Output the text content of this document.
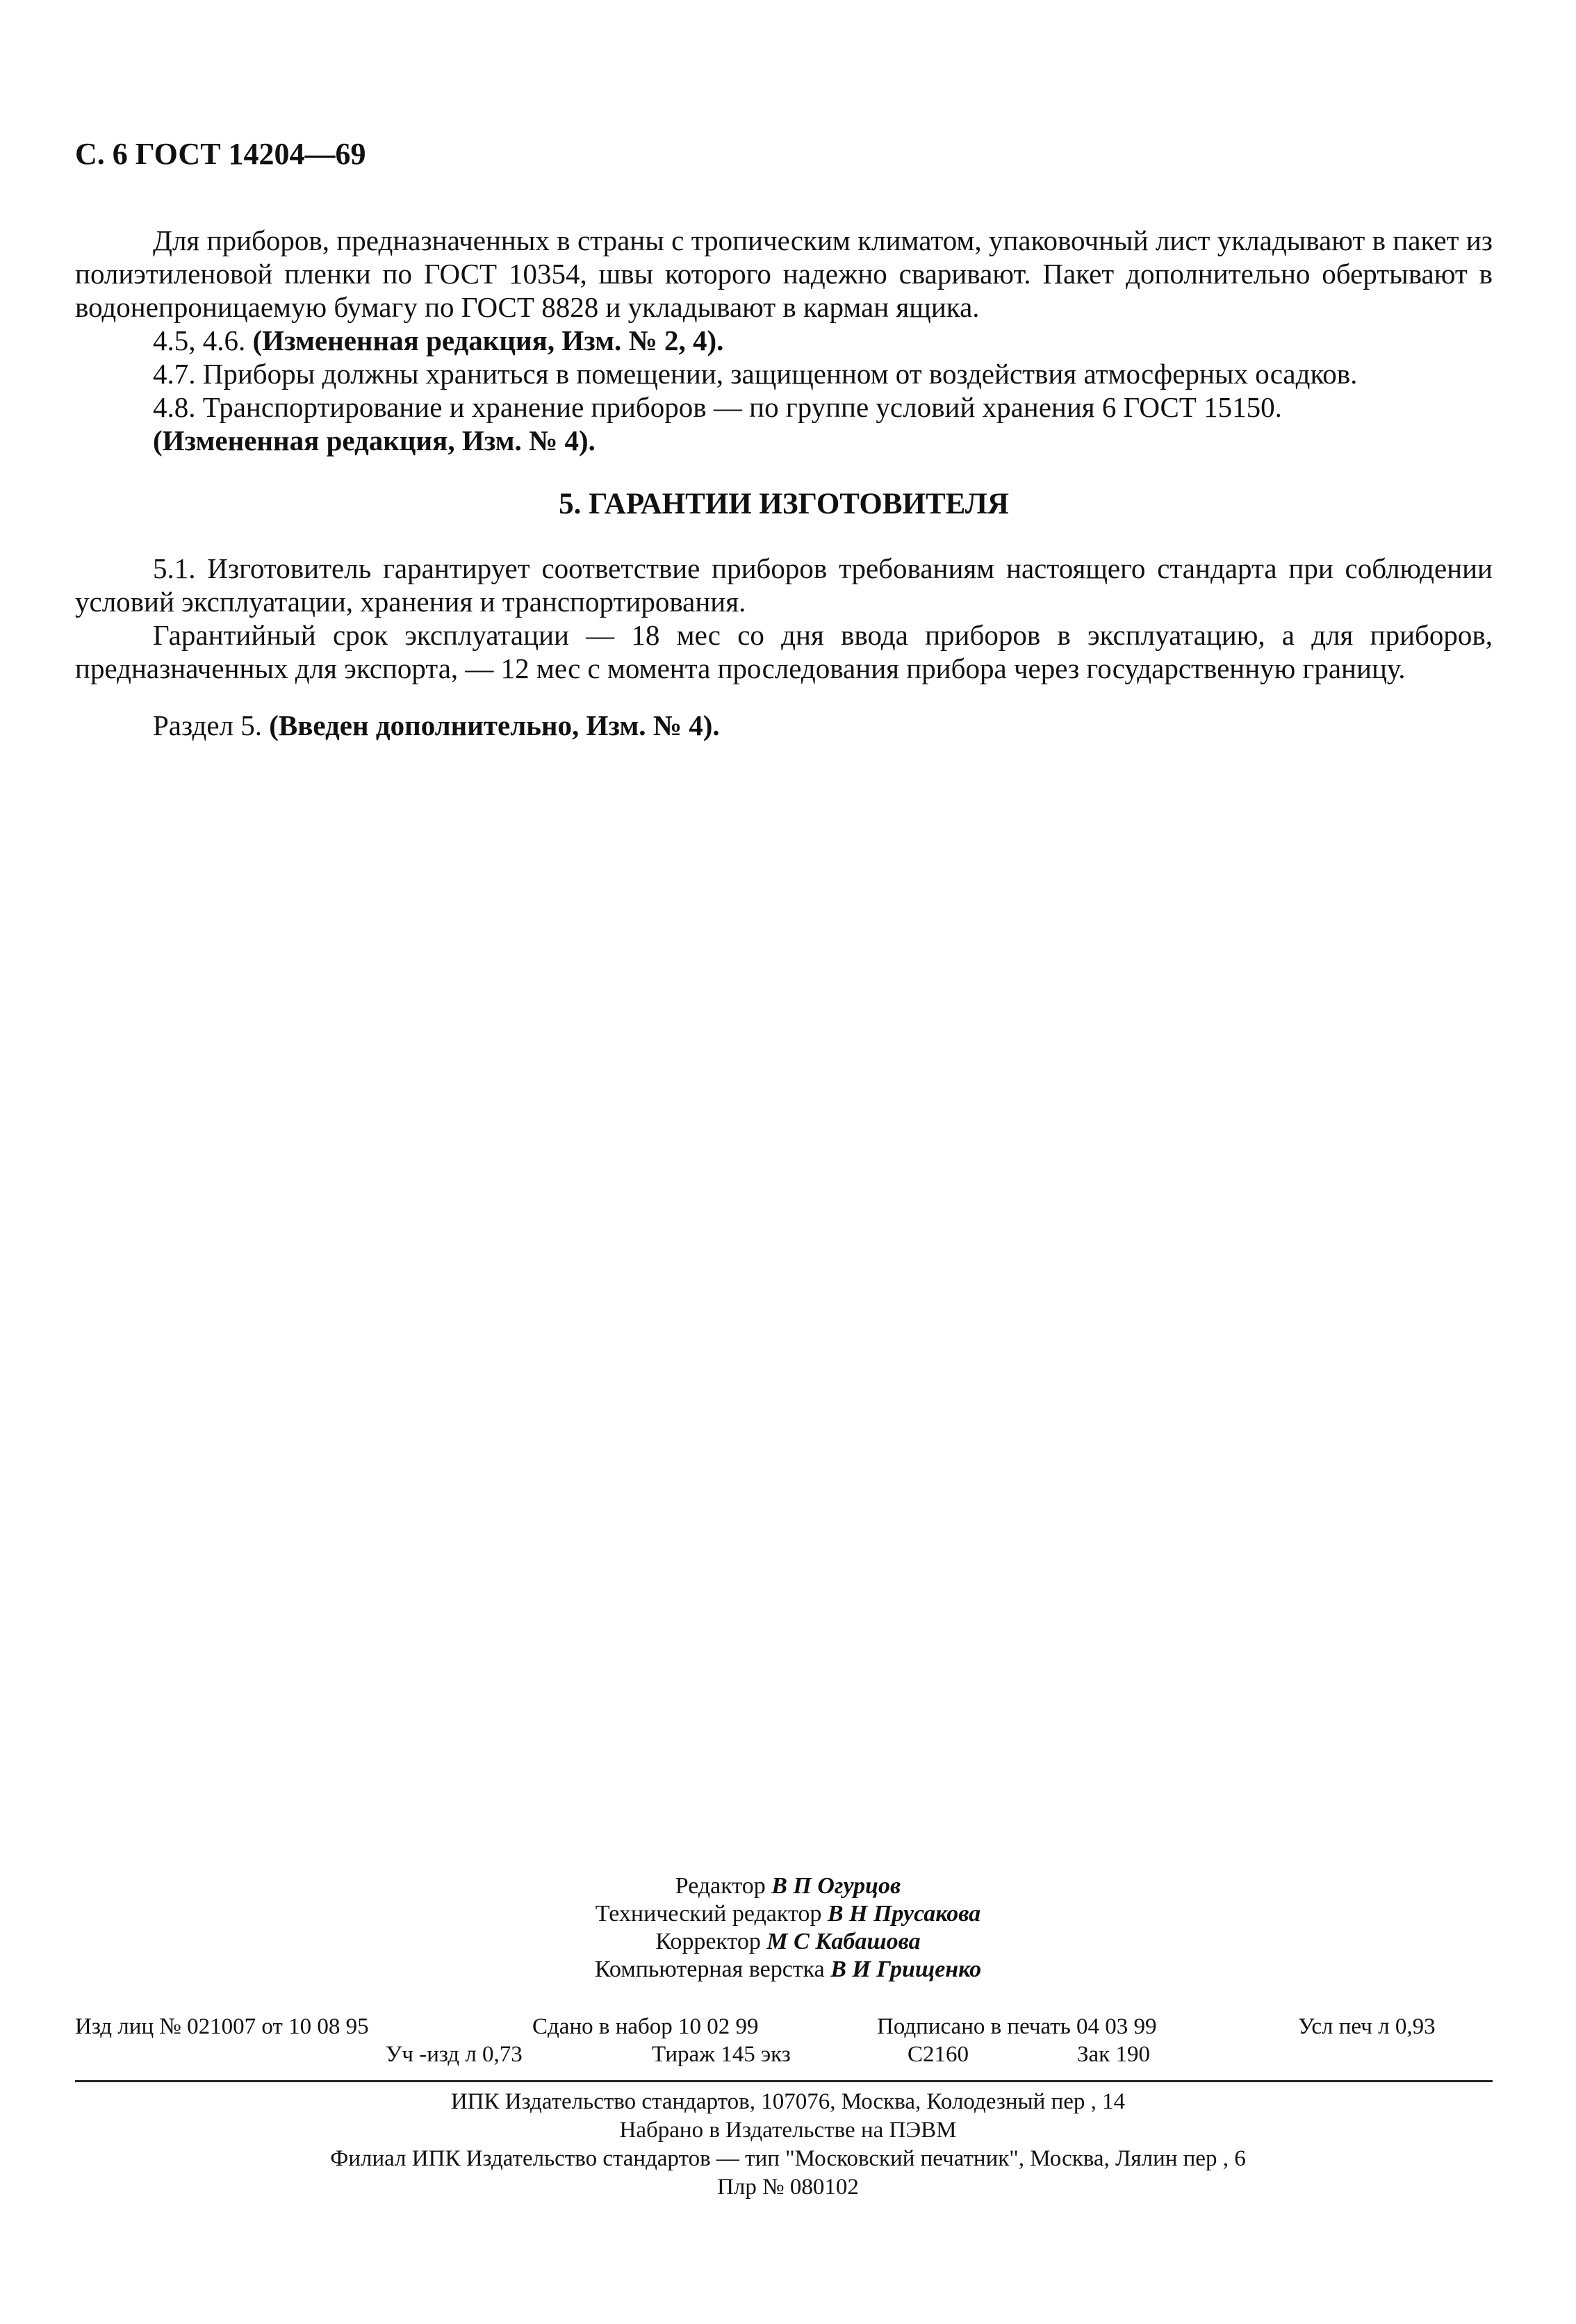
С. 6 ГОСТ 14204—69

Для приборов, предназначенных в страны с тропическим климатом, упаковочный лист укладывают в пакет из полиэтиленовой пленки по ГОСТ 10354, швы которого надежно сваривают. Пакет дополнительно обертывают в водонепроницаемую бумагу по ГОСТ 8828 и укладывают в карман ящика.

4.5, 4.6. (Измененная редакция, Изм. № 2, 4).

4.7. Приборы должны храниться в помещении, защищенном от воздействия атмосферных осадков.

4.8. Транспортирование и хранение приборов — по группе условий хранения 6 ГОСТ 15150.

(Измененная редакция, Изм. № 4).

5. ГАРАНТИИ ИЗГОТОВИТЕЛЯ

5.1. Изготовитель гарантирует соответствие приборов требованиям настоящего стандарта при соблюдении условий эксплуатации, хранения и транспортирования.

Гарантийный срок эксплуатации — 18 мес со дня ввода приборов в эксплуатацию, а для приборов, предназначенных для экспорта, — 12 мес с момента проследования прибора через государственную границу.

Раздел 5. (Введен дополнительно, Изм. № 4).

Редактор В П Огурцов
Технический редактор В Н Прусакова
Корректор М С Кабашова
Компьютерная верстка В И Грищенко
Изд лиц № 021007 от 10 08 95	Сдано в набор 10 02 99	Подписано в печать 04 03 99	Усл печ л 0,93
Уч -изд л 0,73	Тираж 145 экз	С2160	Зак 190
ИПК Издательство стандартов, 107076, Москва, Колодезный пер , 14
Набрано в Издательстве на ПЭВМ
Филиал ИПК Издательство стандартов — тип "Московский печатник", Москва, Лялин пер , 6
Плр № 080102
